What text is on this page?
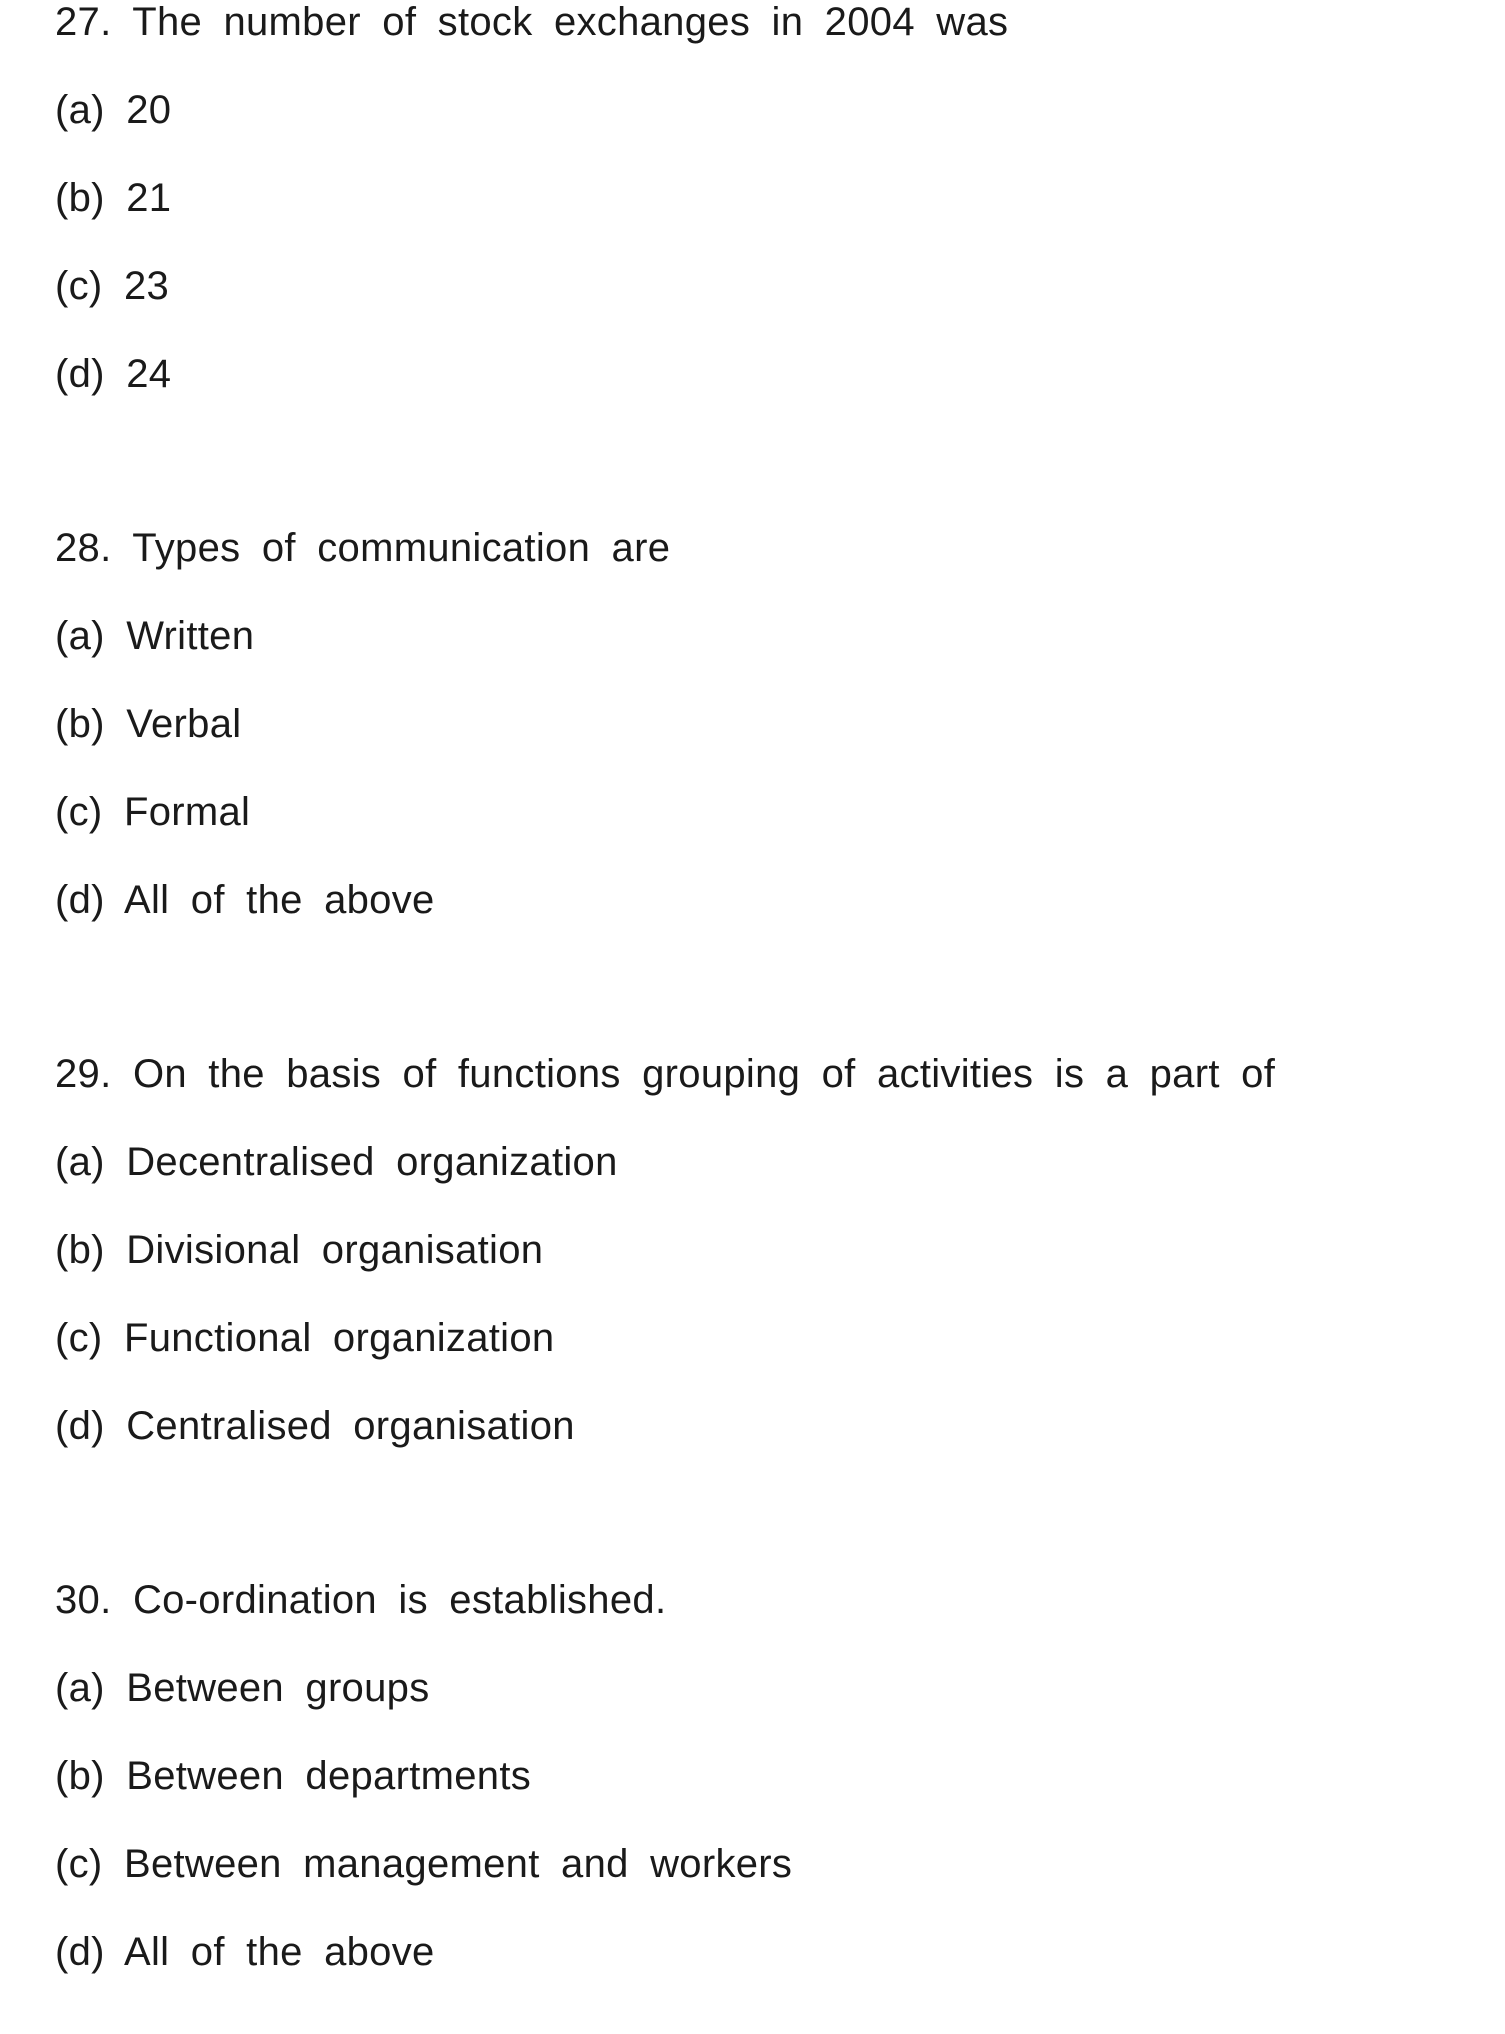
27. The number of stock exchanges in 2004 was
(a) 20
(b) 21
(c) 23
(d) 24
28. Types of communication are
(a) Written
(b) Verbal
(c) Formal
(d) All of the above
29. On the basis of functions grouping of activities is a part of
(a) Decentralised organization
(b) Divisional organisation
(c) Functional organization
(d) Centralised organisation
30. Co-ordination is established.
(a) Between groups
(b) Between departments
(c) Between management and workers
(d) All of the above
